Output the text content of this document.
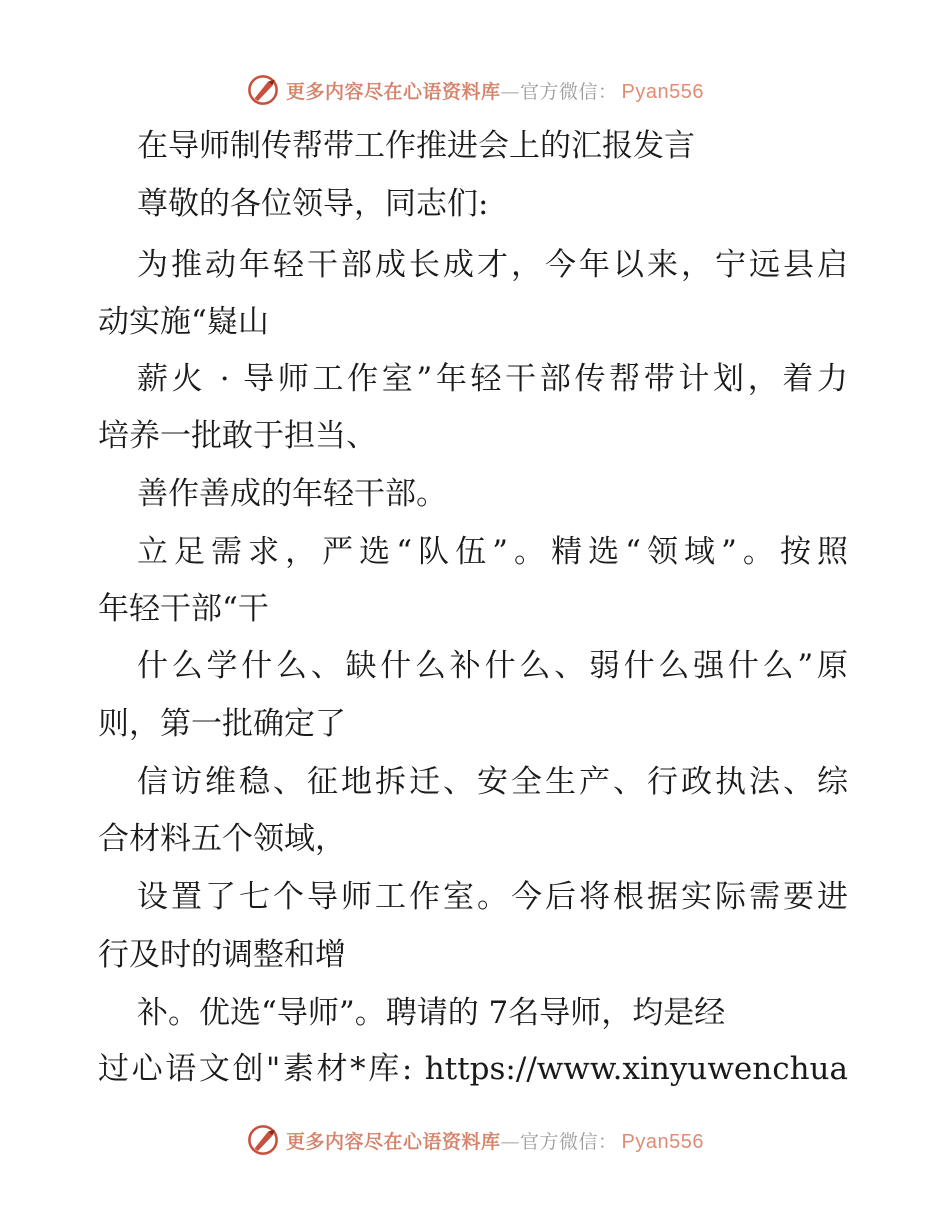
更多内容尽在心语资料库 — 官方微信 ： Pyan556
在导师制传帮带工作推进会上的汇报发言
尊敬的各位领导，同志们:
为推动年轻干部成长成才，今年以来，宁远县启
动实施“嶷山
薪火 · 导师工作室”年轻干部传帮带计划，着力
培养一批敢于担当、
善作善成的年轻干部。
立足需求，严选“队伍”。精选“领域”。按照
年轻干部“干
什么学什么、缺什么补什么、弱什么强什么”原
则，第一批确定了
信访维稳、征地拆迁、安全生产、行政执法、综
合材料五个领域，
设置了七个导师工作室。今后将根据实际需要进
行及时的调整和增
补。优选“导师”。聘请的 7名导师，均是经
过心语文创"素材*库: https://www.xinyuwenchua
更多内容尽在心语资料库 — 官方微信 ： Pyan556
